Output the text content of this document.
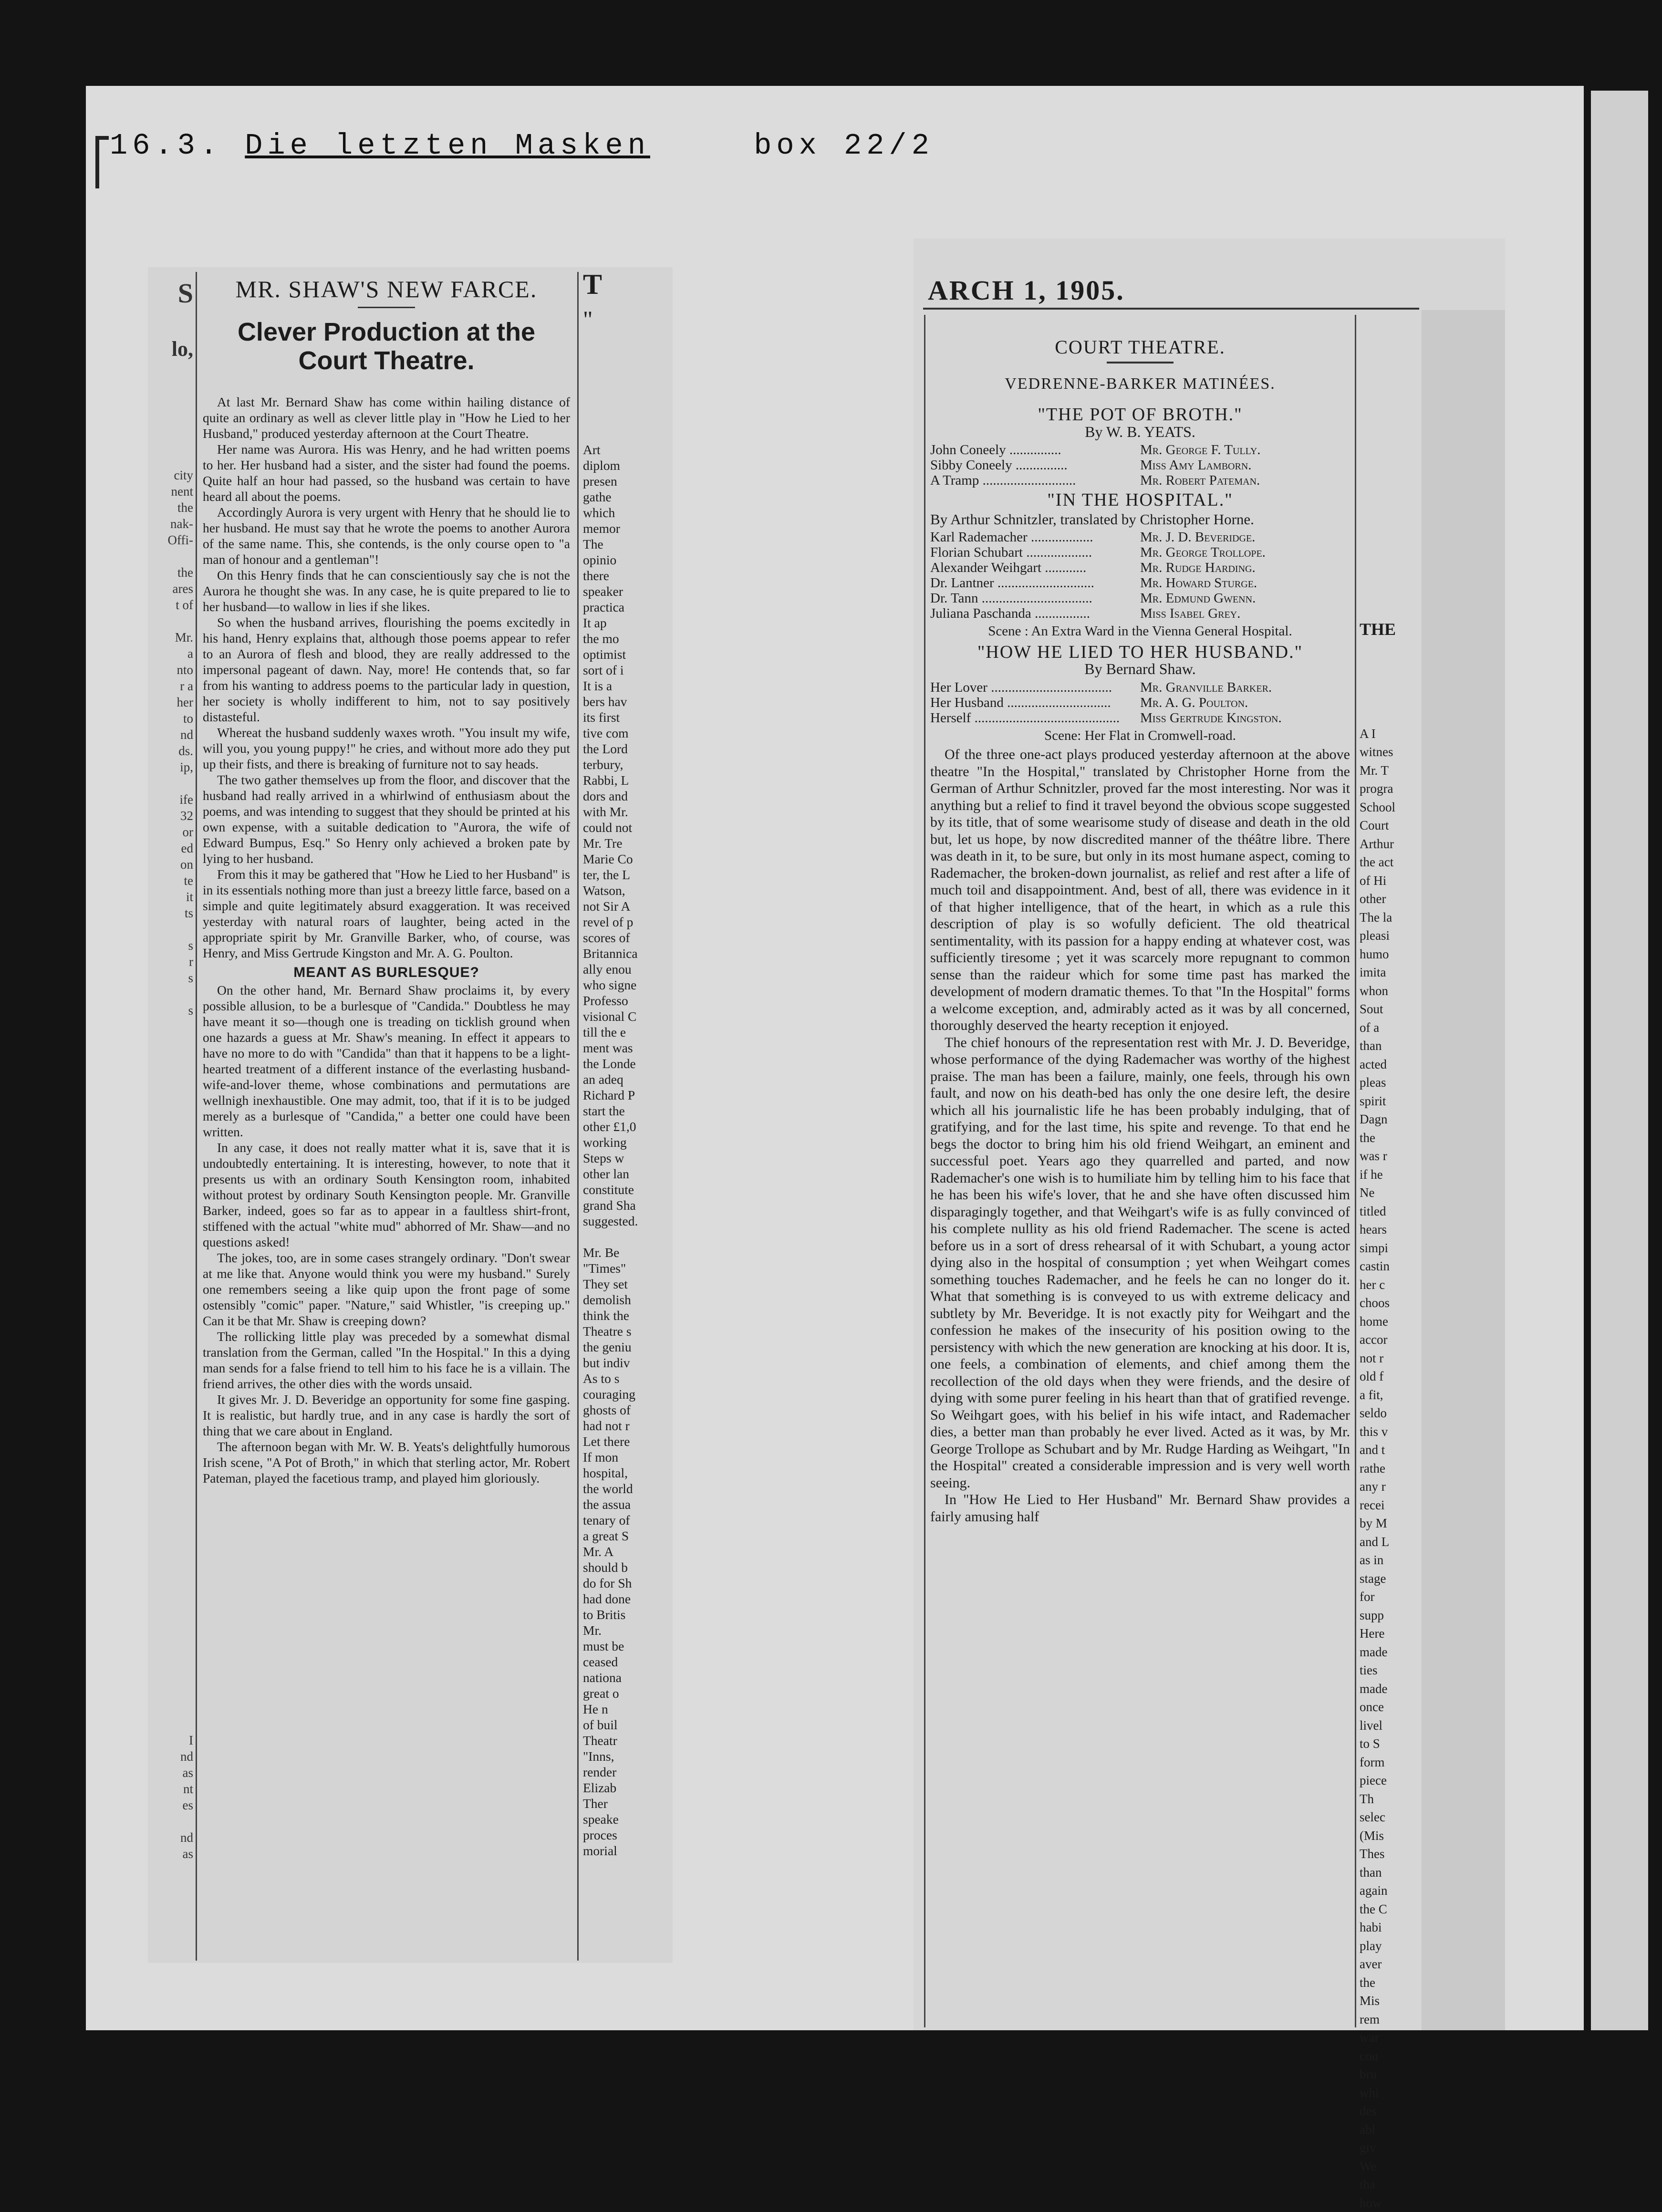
16.3. Die letzten Masken	box 22/2
S
lo,

city

nent

the

nak-

Offi-

the

ares

t of

Mr.

a

nto

r a

her

to

nd

ds.

ip,

ife

32

or

ed

on

te

it

ts

s

r

s

s

I

nd

as

nt

es

nd

as

MR. SHAW'S NEW FARCE.
Clever Production at the Court Theatre.

At last Mr. Bernard Shaw has come within hailing distance of quite an ordinary as well as clever little play in "How he Lied to her Husband," produced yesterday afternoon at the Court Theatre.

Her name was Aurora. His was Henry, and he had written poems to her. Her husband had a sister, and the sister had found the poems. Quite half an hour had passed, so the husband was certain to have heard all about the poems.

Accordingly Aurora is very urgent with Henry that he should lie to her husband. He must say that he wrote the poems to another Aurora of the same name. This, she contends, is the only course open to "a man of honour and a gentleman"!

On this Henry finds that he can conscientiously say che is not the Aurora he thought she was. In any case, he is quite prepared to lie to her husband—to wallow in lies if she likes.

So when the husband arrives, flourishing the poems excitedly in his hand, Henry explains that, although those poems appear to refer to an Aurora of flesh and blood, they are really addressed to the impersonal pageant of dawn. Nay, more! He contends that, so far from his wanting to address poems to the particular lady in question, her society is wholly indifferent to him, not to say positively distasteful.

Whereat the husband suddenly waxes wroth. "You insult my wife, will you, you young puppy!" he cries, and without more ado they put up their fists, and there is breaking of furniture not to say heads.

The two gather themselves up from the floor, and discover that the husband had really arrived in a whirlwind of enthusiasm about the poems, and was intending to suggest that they should be printed at his own expense, with a suitable dedication to "Aurora, the wife of Edward Bumpus, Esq." So Henry only achieved a broken pate by lying to her husband.

From this it may be gathered that "How he Lied to her Husband" is in its essentials nothing more than just a breezy little farce, based on a simple and quite legitimately absurd exaggeration. It was received yesterday with natural roars of laughter, being acted in the appropriate spirit by Mr. Granville Barker, who, of course, was Henry, and Miss Gertrude Kingston and Mr. A. G. Poulton.

MEANT AS BURLESQUE?

On the other hand, Mr. Bernard Shaw proclaims it, by every possible allusion, to be a burlesque of "Candida." Doubtless he may have meant it so—though one is treading on ticklish ground when one hazards a guess at Mr. Shaw's meaning. In effect it appears to have no more to do with "Candida" than that it happens to be a light-hearted treatment of a different instance of the everlasting husband-wife-and-lover theme, whose combinations and permutations are wellnigh inexhaustible. One may admit, too, that if it is to be judged merely as a burlesque of "Candida," a better one could have been written.

In any case, it does not really matter what it is, save that it is undoubtedly entertaining. It is interesting, however, to note that it presents us with an ordinary South Kensington room, inhabited without protest by ordinary South Kensington people. Mr. Granville Barker, indeed, goes so far as to appear in a faultless shirt-front, stiffened with the actual "white mud" abhorred of Mr. Shaw—and no questions asked!

The jokes, too, are in some cases strangely ordinary. "Don't swear at me like that. Anyone would think you were my husband." Surely one remembers seeing a like quip upon the front page of some ostensibly "comic" paper. "Nature," said Whistler, "is creeping up." Can it be that Mr. Shaw is creeping down?

The rollicking little play was preceded by a somewhat dismal translation from the German, called "In the Hospital." In this a dying man sends for a false friend to tell him to his face he is a villain. The friend arrives, the other dies with the words unsaid.

It gives Mr. J. D. Beveridge an opportunity for some fine gasping. It is realistic, but hardly true, and in any case is hardly the sort of thing that we care about in England.

The afternoon began with Mr. W. B. Yeats's delightfully humorous Irish scene, "A Pot of Broth," in which that sterling actor, Mr. Robert Pateman, played the facetious tramp, and played him gloriously.

T
"

Art

diplom

presen

gathe

which

memor

The

opinio

there

speaker

practica

It ap

the mo

optimist

sort of i

It is a

bers hav

its first

tive com

the Lord

terbury,

Rabbi, L

dors and

with Mr.

could not

Mr. Tre

Marie Co

ter, the L

Watson,

not Sir A

revel of p

scores of

Britannica

ally enou

who signe

Professo

visional C

till the e

ment was

the Londe

an adeq

Richard P

start the

other £1,0

working

Steps w

other lan

constitute

grand Sha

suggested.

Mr. Be

"Times"

They set

demolish

think the

Theatre s

the geniu

but indiv

As to s

couraging

ghosts of

had not r

Let there

If mon

hospital,

the world

the assua

tenary of

a great S

Mr. A

should b

do for Sh

had done

to Britis

Mr.

must be

ceased

nationa

great o

He n

of buil

Theatr

"Inns,

render

Elizab

Ther

speake

proces

morial

ARCH 1, 1905.
COURT THEATRE.
VEDRENNE-BARKER MATINÉES.
"THE POT OF BROTH."
By W. B. YEATS.
John Coneely ...............	Mr. George F. Tully.
Sibby Coneely ...............	Miss Amy Lamborn.
A Tramp ...........................	Mr. Robert Pateman.
"IN THE HOSPITAL."
By Arthur Schnitzler, translated by Christopher Horne.
Karl Rademacher ..................	Mr. J. D. Beveridge.
Florian Schubart ...................	Mr. George Trollope.
Alexander Weihgart ............	Mr. Rudge Harding.
Dr. Lantner ............................	Mr. Howard Sturge.
Dr. Tann ................................	Mr. Edmund Gwenn.
Juliana Paschanda ................	Miss Isabel Grey.
Scene : An Extra Ward in the Vienna General Hospital.
"HOW HE LIED TO HER HUSBAND."
By Bernard Shaw.
Her Lover ...................................	Mr. Granville Barker.
Her Husband ..............................	Mr. A. G. Poulton.
Herself ..........................................	Miss Gertrude Kingston.
Scene: Her Flat in Cromwell-road.

Of the three one-act plays produced yesterday afternoon at the above theatre "In the Hospital," translated by Christopher Horne from the German of Arthur Schnitzler, proved far the most interesting. Nor was it anything but a relief to find it travel beyond the obvious scope suggested by its title, that of some wearisome study of disease and death in the old but, let us hope, by now discredited manner of the théâtre libre. There was death in it, to be sure, but only in its most humane aspect, coming to Rademacher, the broken-down journalist, as relief and rest after a life of much toil and disappointment. And, best of all, there was evidence in it of that higher intelligence, that of the heart, in which as a rule this description of play is so wofully deficient. The old theatrical sentimentality, with its passion for a happy ending at whatever cost, was sufficiently tiresome ; yet it was scarcely more repugnant to common sense than the raideur which for some time past has marked the development of modern dramatic themes. To that "In the Hospital" forms a welcome exception, and, admirably acted as it was by all concerned, thoroughly deserved the hearty reception it enjoyed.

The chief honours of the representation rest with Mr. J. D. Beveridge, whose performance of the dying Rademacher was worthy of the highest praise. The man has been a failure, mainly, one feels, through his own fault, and now on his death-bed has only the one desire left, the desire which all his journalistic life he has been probably indulging, that of gratifying, and for the last time, his spite and revenge. To that end he begs the doctor to bring him his old friend Weihgart, an eminent and successful poet. Years ago they quarrelled and parted, and now Rademacher's one wish is to humiliate him by telling him to his face that he has been his wife's lover, that he and she have often discussed him disparagingly together, and that Weihgart's wife is as fully convinced of his complete nullity as his old friend Rademacher. The scene is acted before us in a sort of dress rehearsal of it with Schubart, a young actor dying also in the hospital of consumption ; yet when Weihgart comes something touches Rademacher, and he feels he can no longer do it. What that something is is conveyed to us with extreme delicacy and subtlety by Mr. Beveridge. It is not exactly pity for Weihgart and the confession he makes of the insecurity of his position owing to the persistency with which the new generation are knocking at his door. It is, one feels, a combination of elements, and chief among them the recollection of the old days when they were friends, and the desire of dying with some purer feeling in his heart than that of gratified revenge. So Weihgart goes, with his belief in his wife intact, and Rademacher dies, a better man than probably he ever lived. Acted as it was, by Mr. George Trollope as Schubart and by Mr. Rudge Harding as Weihgart, "In the Hospital" created a considerable impression and is very well worth seeing.

In "How He Lied to Her Husband" Mr. Bernard Shaw provides a fairly amusing half

THE

A I

witnes

Mr. T

progra

School

Court

Arthur

the act

of Hi

other

The la

pleasi

humo

imita

whon

Sout

of a

than

acted

pleas

spirit

Dagn

the

was r

if he

Ne

titled

hears

simpi

castin

her c

choos

home

accor

not r

old f

a fit,

seldo

this v

and t

rathe

any r

recei

by M

and L

as in

stage

for

supp

Here

made

ties

made

once

livel

to S

form

piece

Th

selec

(Mis

Thes

than

again

the C

habi

play

aver

the

Mis

rem

war

cou

bru

whi

des

abl

giv

We

tha

how
